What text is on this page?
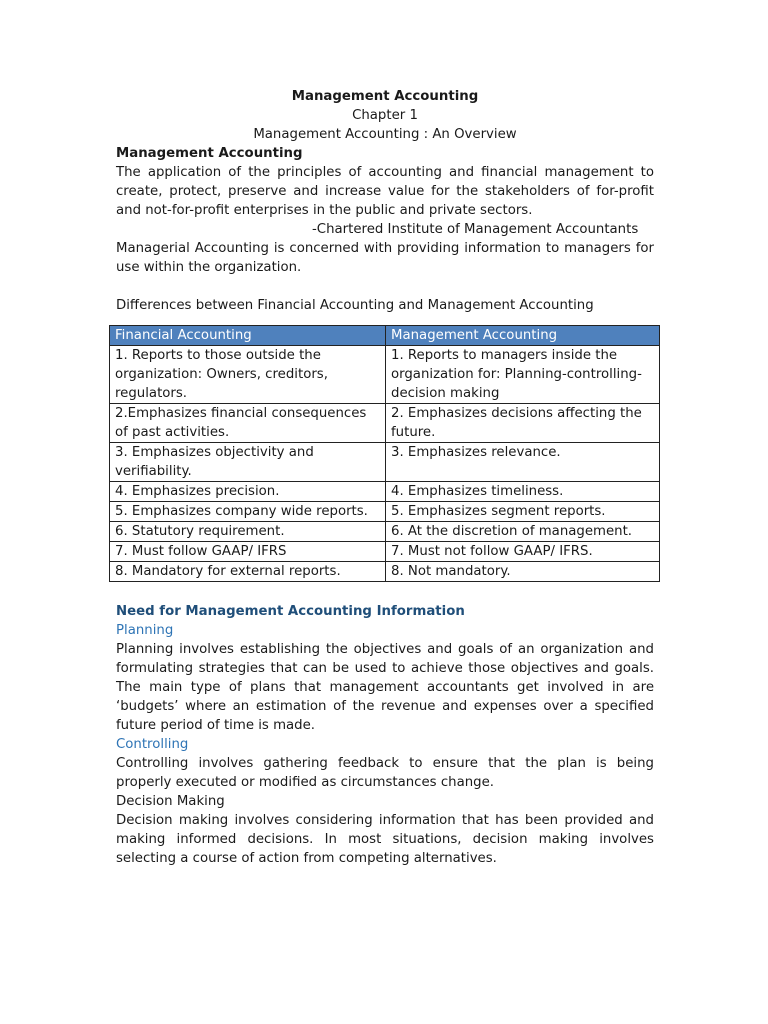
Management Accounting
Chapter 1
Management Accounting : An Overview
Management Accounting
The application of the principles of accounting and financial management to create, protect, preserve and increase value for the stakeholders of for-profit and not-for-profit enterprises in the public and private sectors.
-Chartered Institute of Management Accountants
Managerial Accounting is concerned with providing information to managers for use within the organization.
Differences between Financial Accounting and Management Accounting
Financial Accounting	Management Accounting
1. Reports to those outside the organization: Owners, creditors, regulators.	1. Reports to managers inside the organization for: Planning-controlling-decision making
2.Emphasizes financial consequences of past activities.	2. Emphasizes decisions affecting the future.
3. Emphasizes objectivity and verifiability.	3. Emphasizes relevance.
4. Emphasizes precision.	4. Emphasizes timeliness.
5. Emphasizes company wide reports.	5. Emphasizes segment reports.
6. Statutory requirement.	6. At the discretion of management.
7. Must follow GAAP/ IFRS	7. Must not follow GAAP/ IFRS.
8. Mandatory for external reports.	8. Not mandatory.
Need for Management Accounting Information
Planning
Planning involves establishing the objectives and goals of an organization and formulating strategies that can be used to achieve those objectives and goals. The main type of plans that management accountants get involved in are ‘budgets’ where an estimation of the revenue and expenses over a specified future period of time is made.
Controlling
Controlling involves gathering feedback to ensure that the plan is being properly executed or modified as circumstances change.
Decision Making
Decision making involves considering information that has been provided and making informed decisions. In most situations, decision making involves selecting a course of action from competing alternatives.
